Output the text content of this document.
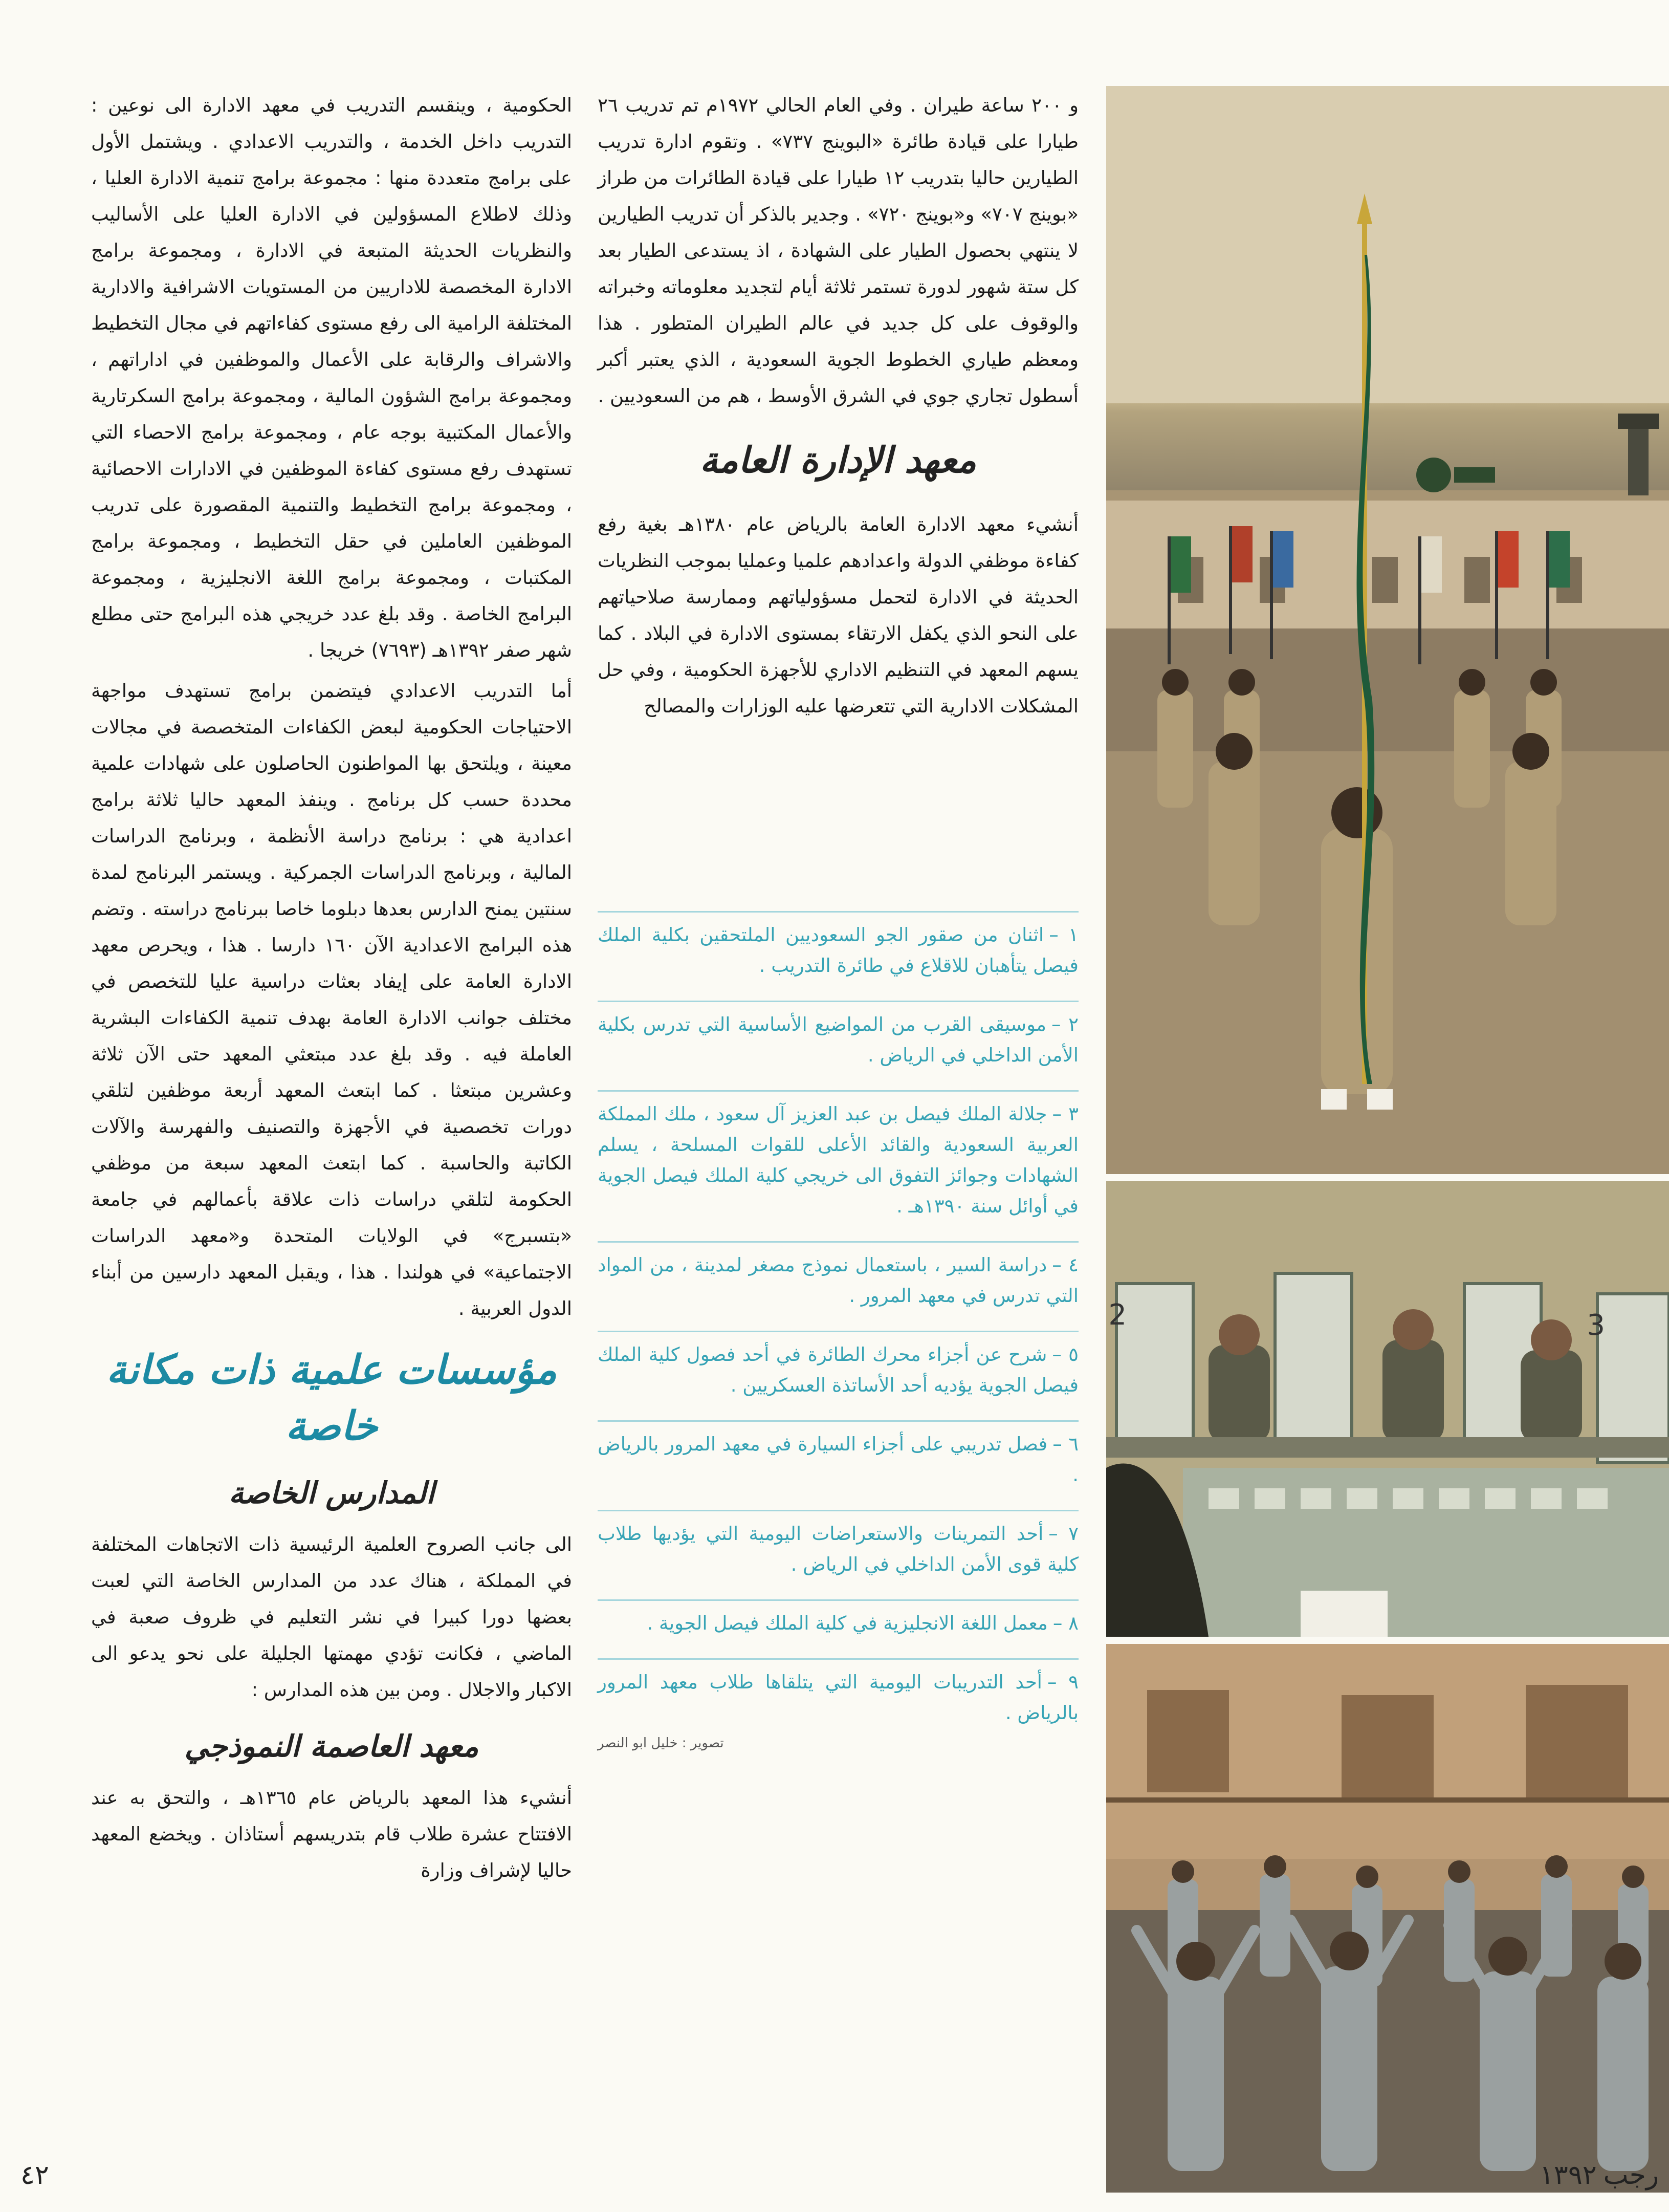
الحكومية ، وينقسم التدريب في معهد الادارة الى نوعين : التدريب داخل الخدمة ، والتدريب الاعدادي . ويشتمل الأول على برامج متعددة منها : مجموعة برامج تنمية الادارة العليا ، وذلك لاطلاع المسؤولين في الادارة العليا على الأساليب والنظريات الحديثة المتبعة في الادارة ، ومجموعة برامج الادارة المخصصة للاداريين من المستويات الاشرافية والادارية المختلفة الرامية الى رفع مستوى كفاءاتهم في مجال التخطيط والاشراف والرقابة على الأعمال والموظفين في اداراتهم ، ومجموعة برامج الشؤون المالية ، ومجموعة برامج السكرتارية والأعمال المكتبية بوجه عام ، ومجموعة برامج الاحصاء التي تستهدف رفع مستوى كفاءة الموظفين في الادارات الاحصائية ، ومجموعة برامج التخطيط والتنمية المقصورة على تدريب الموظفين العاملين في حقل التخطيط ، ومجموعة برامج المكتبات ، ومجموعة برامج اللغة الانجليزية ، ومجموعة البرامج الخاصة . وقد بلغ عدد خريجي هذه البرامج حتى مطلع شهر صفر ١٣٩٢هـ (٧٦٩٣) خريجا .

أما التدريب الاعدادي فيتضمن برامج تستهدف مواجهة الاحتياجات الحكومية لبعض الكفاءات المتخصصة في مجالات معينة ، ويلتحق بها المواطنون الحاصلون على شهادات علمية محددة حسب كل برنامج . وينفذ المعهد حاليا ثلاثة برامج اعدادية هي : برنامج دراسة الأنظمة ، وبرنامج الدراسات المالية ، وبرنامج الدراسات الجمركية . ويستمر البرنامج لمدة سنتين يمنح الدارس بعدها دبلوما خاصا ببرنامج دراسته . وتضم هذه البرامج الاعدادية الآن ١٦٠ دارسا . هذا ، ويحرص معهد الادارة العامة على إيفاد بعثات دراسية عليا للتخصص في مختلف جوانب الادارة العامة بهدف تنمية الكفاءات البشرية العاملة فيه . وقد بلغ عدد مبتعثي المعهد حتى الآن ثلاثة وعشرين مبتعثا . كما ابتعث المعهد أربعة موظفين لتلقي دورات تخصصية في الأجهزة والتصنيف والفهرسة والآلات الكاتبة والحاسبة . كما ابتعث المعهد سبعة من موظفي الحكومة لتلقي دراسات ذات علاقة بأعمالهم في جامعة «بتسبرج» في الولايات المتحدة و«معهد الدراسات الاجتماعية» في هولندا . هذا ، ويقبل المعهد دارسين من أبناء الدول العربية .

مؤسسات علمية ذات مكانة خاصة
المدارس الخاصة

الى جانب الصروح العلمية الرئيسية ذات الاتجاهات المختلفة في المملكة ، هناك عدد من المدارس الخاصة التي لعبت بعضها دورا كبيرا في نشر التعليم في ظروف صعبة في الماضي ، فكانت تؤدي مهمتها الجليلة على نحو يدعو الى الاكبار والاجلال . ومن بين هذه المدارس :

معهد العاصمة النموذجي

أنشيء هذا المعهد بالرياض عام ١٣٦٥هـ ، والتحق به عند الافتتاح عشرة طلاب قام بتدريسهم أستاذان . ويخضع المعهد حاليا لإشراف وزارة

و ٢٠٠ ساعة طيران . وفي العام الحالي ١٩٧٢م تم تدريب ٢٦ طيارا على قيادة طائرة «البوينج ٧٣٧» . وتقوم ادارة تدريب الطيارين حاليا بتدريب ١٢ طيارا على قيادة الطائرات من طراز «بوينج ٧٠٧» و«بوينج ٧٢٠» . وجدير بالذكر أن تدريب الطيارين لا ينتهي بحصول الطيار على الشهادة ، اذ يستدعى الطيار بعد كل ستة شهور لدورة تستمر ثلاثة أيام لتجديد معلوماته وخبراته والوقوف على كل جديد في عالم الطيران المتطور . هذا ومعظم طياري الخطوط الجوية السعودية ، الذي يعتبر أكبر أسطول تجاري جوي في الشرق الأوسط ، هم من السعوديين .

معهد الإدارة العامة

أنشيء معهد الادارة العامة بالرياض عام ١٣٨٠هـ بغية رفع كفاءة موظفي الدولة واعدادهم علميا وعمليا بموجب النظريات الحديثة في الادارة لتحمل مسؤولياتهم وممارسة صلاحياتهم على النحو الذي يكفل الارتقاء بمستوى الادارة في البلاد . كما يسهم المعهد في التنظيم الاداري للأجهزة الحكومية ، وفي حل المشكلات الادارية التي تتعرضها عليه الوزارات والمصالح

١ –اثنان من صقور الجو السعوديين الملتحقين بكلية الملك فيصل يتأهبان للاقلاع في طائرة التدريب .
٢ –موسيقى القرب من المواضيع الأساسية التي تدرس بكلية الأمن الداخلي في الرياض .
٣ –جلالة الملك فيصل بن عبد العزيز آل سعود ، ملك المملكة العربية السعودية والقائد الأعلى للقوات المسلحة ، يسلم الشهادات وجوائز التفوق الى خريجي كلية الملك فيصل الجوية في أوائل سنة ١٣٩٠هـ .
٤ –دراسة السير ، باستعمال نموذج مصغر لمدينة ، من المواد التي تدرس في معهد المرور .
٥ –شرح عن أجزاء محرك الطائرة في أحد فصول كلية الملك فيصل الجوية يؤديه أحد الأساتذة العسكريين .
٦ –فصل تدريبي على أجزاء السيارة في معهد المرور بالرياض .
٧ –أحد التمرينات والاستعراضات اليومية التي يؤديها طلاب كلية قوى الأمن الداخلي في الرياض .
٨ –معمل اللغة الانجليزية في كلية الملك فيصل الجوية .
٩ –أحد التدريبات اليومية التي يتلقاها طلاب معهد المرور بالرياض .
تصوير : خليل ابو النصر
2	3
٤٢	رجب ١٣٩٢
